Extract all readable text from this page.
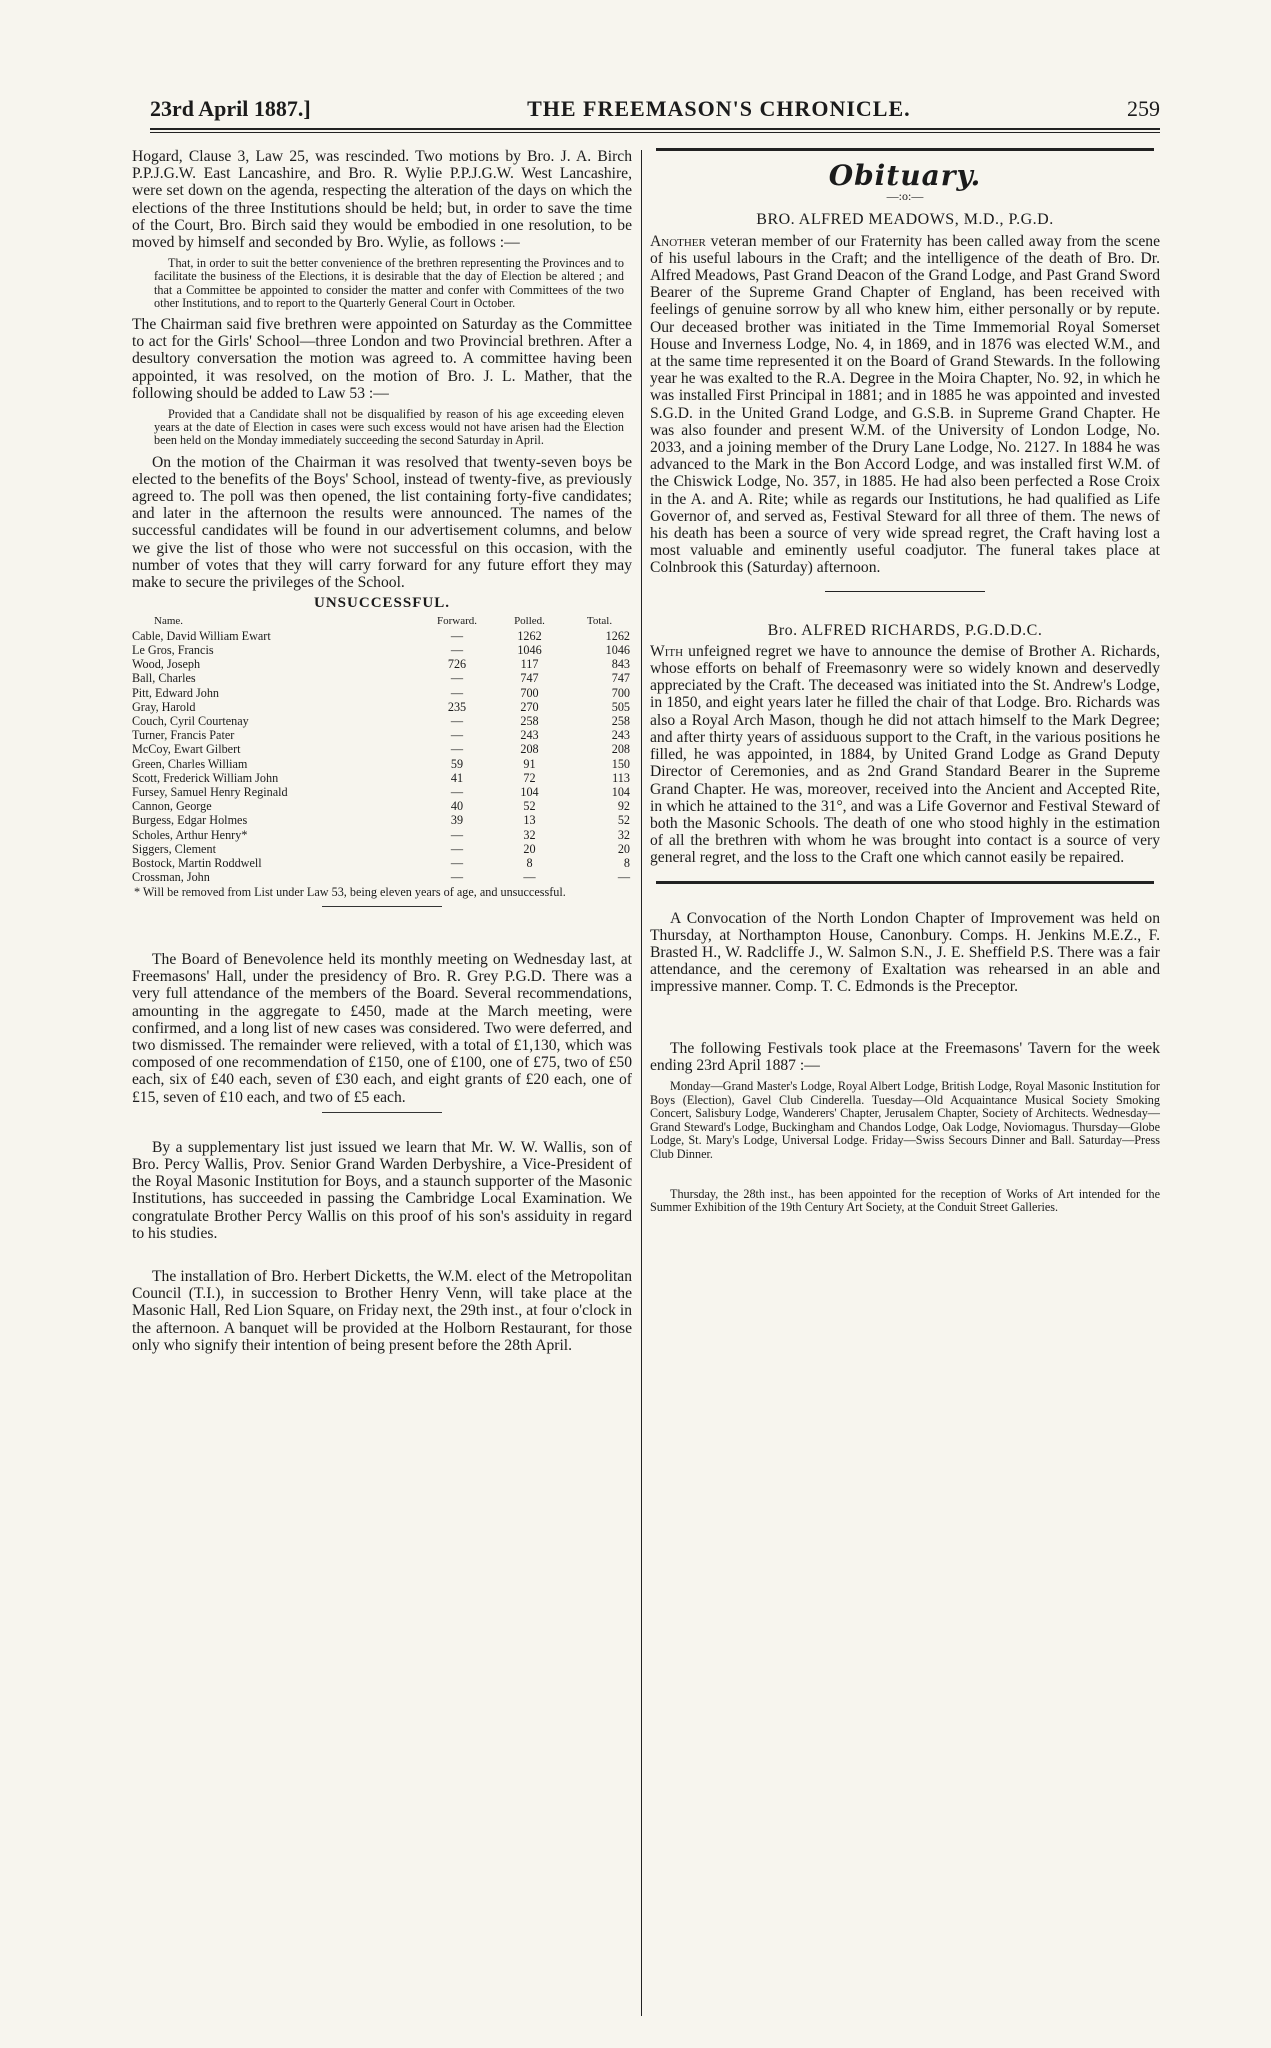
23rd April 1887.]	THE FREEMASON'S CHRONICLE.	259

Hogard, Clause 3, Law 25, was rescinded. Two motions by Bro. J. A. Birch P.P.J.G.W. East Lancashire, and Bro. R. Wylie P.P.J.G.W. West Lancashire, were set down on the agenda, respecting the alteration of the days on which the elections of the three Institutions should be held; but, in order to save the time of the Court, Bro. Birch said they would be embodied in one resolution, to be moved by himself and seconded by Bro. Wylie, as follows :—

That, in order to suit the better convenience of the brethren representing the Provinces and to facilitate the business of the Elections, it is desirable that the day of Election be altered ; and that a Committee be appointed to consider the matter and confer with Committees of the two other Institutions, and to report to the Quarterly General Court in October.

The Chairman said five brethren were appointed on Saturday as the Committee to act for the Girls' School—three London and two Provincial brethren. After a desultory conversation the motion was agreed to. A committee having been appointed, it was resolved, on the motion of Bro. J. L. Mather, that the following should be added to Law 53 :—

Provided that a Candidate shall not be disqualified by reason of his age exceeding eleven years at the date of Election in cases were such excess would not have arisen had the Election been held on the Monday immediately succeeding the second Saturday in April.

On the motion of the Chairman it was resolved that twenty-seven boys be elected to the benefits of the Boys' School, instead of twenty-five, as previously agreed to. The poll was then opened, the list containing forty-five candidates; and later in the afternoon the results were announced. The names of the successful candidates will be found in our advertisement columns, and below we give the list of those who were not successful on this occasion, with the number of votes that they will carry forward for any future effort they may make to secure the privileges of the School.

UNSUCCESSFUL.
Name.	Forward.	Polled.	Total.
Cable, David William Ewart	—	1262	1262
Le Gros, Francis	—	1046	1046
Wood, Joseph	726	117	843
Ball, Charles	—	747	747
Pitt, Edward John	—	700	700
Gray, Harold	235	270	505
Couch, Cyril Courtenay	—	258	258
Turner, Francis Pater	—	243	243
McCoy, Ewart Gilbert	—	208	208
Green, Charles William	59	91	150
Scott, Frederick William John	41	72	113
Fursey, Samuel Henry Reginald	—	104	104
Cannon, George	40	52	92
Burgess, Edgar Holmes	39	13	52
Scholes, Arthur Henry*	—	32	32
Siggers, Clement	—	20	20
Bostock, Martin Roddwell	—	8	8
Crossman, John	—	—	—

* Will be removed from List under Law 53, being eleven years of age, and unsuccessful.

The Board of Benevolence held its monthly meeting on Wednesday last, at Freemasons' Hall, under the presidency of Bro. R. Grey P.G.D. There was a very full attendance of the members of the Board. Several recommendations, amounting in the aggregate to £450, made at the March meeting, were confirmed, and a long list of new cases was considered. Two were deferred, and two dismissed. The remainder were relieved, with a total of £1,130, which was composed of one recommendation of £150, one of £100, one of £75, two of £50 each, six of £40 each, seven of £30 each, and eight grants of £20 each, one of £15, seven of £10 each, and two of £5 each.

By a supplementary list just issued we learn that Mr. W. W. Wallis, son of Bro. Percy Wallis, Prov. Senior Grand Warden Derbyshire, a Vice-President of the Royal Masonic Institution for Boys, and a staunch supporter of the Masonic Institutions, has succeeded in passing the Cambridge Local Examination. We congratulate Brother Percy Wallis on this proof of his son's assiduity in regard to his studies.

The installation of Bro. Herbert Dicketts, the W.M. elect of the Metropolitan Council (T.I.), in succession to Brother Henry Venn, will take place at the Masonic Hall, Red Lion Square, on Friday next, the 29th inst., at four o'clock in the afternoon. A banquet will be provided at the Holborn Restaurant, for those only who signify their intention of being present before the 28th April.

Obituary.
—:o:—
BRO. ALFRED MEADOWS, M.D., P.G.D.

Another veteran member of our Fraternity has been called away from the scene of his useful labours in the Craft; and the intelligence of the death of Bro. Dr. Alfred Meadows, Past Grand Deacon of the Grand Lodge, and Past Grand Sword Bearer of the Supreme Grand Chapter of England, has been received with feelings of genuine sorrow by all who knew him, either personally or by repute. Our deceased brother was initiated in the Time Immemorial Royal Somerset House and Inverness Lodge, No. 4, in 1869, and in 1876 was elected W.M., and at the same time represented it on the Board of Grand Stewards. In the following year he was exalted to the R.A. Degree in the Moira Chapter, No. 92, in which he was installed First Principal in 1881; and in 1885 he was appointed and invested S.G.D. in the United Grand Lodge, and G.S.B. in Supreme Grand Chapter. He was also founder and present W.M. of the University of London Lodge, No. 2033, and a joining member of the Drury Lane Lodge, No. 2127. In 1884 he was advanced to the Mark in the Bon Accord Lodge, and was installed first W.M. of the Chiswick Lodge, No. 357, in 1885. He had also been perfected a Rose Croix in the A. and A. Rite; while as regards our Institutions, he had qualified as Life Governor of, and served as, Festival Steward for all three of them. The news of his death has been a source of very wide spread regret, the Craft having lost a most valuable and eminently useful coadjutor. The funeral takes place at Colnbrook this (Saturday) afternoon.

Bro. ALFRED RICHARDS, P.G.D.D.C.

With unfeigned regret we have to announce the demise of Brother A. Richards, whose efforts on behalf of Freemasonry were so widely known and deservedly appreciated by the Craft. The deceased was initiated into the St. Andrew's Lodge, in 1850, and eight years later he filled the chair of that Lodge. Bro. Richards was also a Royal Arch Mason, though he did not attach himself to the Mark Degree; and after thirty years of assiduous support to the Craft, in the various positions he filled, he was appointed, in 1884, by United Grand Lodge as Grand Deputy Director of Ceremonies, and as 2nd Grand Standard Bearer in the Supreme Grand Chapter. He was, moreover, received into the Ancient and Accepted Rite, in which he attained to the 31°, and was a Life Governor and Festival Steward of both the Masonic Schools. The death of one who stood highly in the estimation of all the brethren with whom he was brought into contact is a source of very general regret, and the loss to the Craft one which cannot easily be repaired.

A Convocation of the North London Chapter of Improvement was held on Thursday, at Northampton House, Canonbury. Comps. H. Jenkins M.E.Z., F. Brasted H., W. Radcliffe J., W. Salmon S.N., J. E. Sheffield P.S. There was a fair attendance, and the ceremony of Exaltation was rehearsed in an able and impressive manner. Comp. T. C. Edmonds is the Preceptor.

The following Festivals took place at the Freemasons' Tavern for the week ending 23rd April 1887 :—

Monday—Grand Master's Lodge, Royal Albert Lodge, British Lodge, Royal Masonic Institution for Boys (Election), Gavel Club Cinderella. Tuesday—Old Acquaintance Musical Society Smoking Concert, Salisbury Lodge, Wanderers' Chapter, Jerusalem Chapter, Society of Architects. Wednesday—Grand Steward's Lodge, Buckingham and Chandos Lodge, Oak Lodge, Noviomagus. Thursday—Globe Lodge, St. Mary's Lodge, Universal Lodge. Friday—Swiss Secours Dinner and Ball. Saturday—Press Club Dinner.

Thursday, the 28th inst., has been appointed for the reception of Works of Art intended for the Summer Exhibition of the 19th Century Art Society, at the Conduit Street Galleries.
